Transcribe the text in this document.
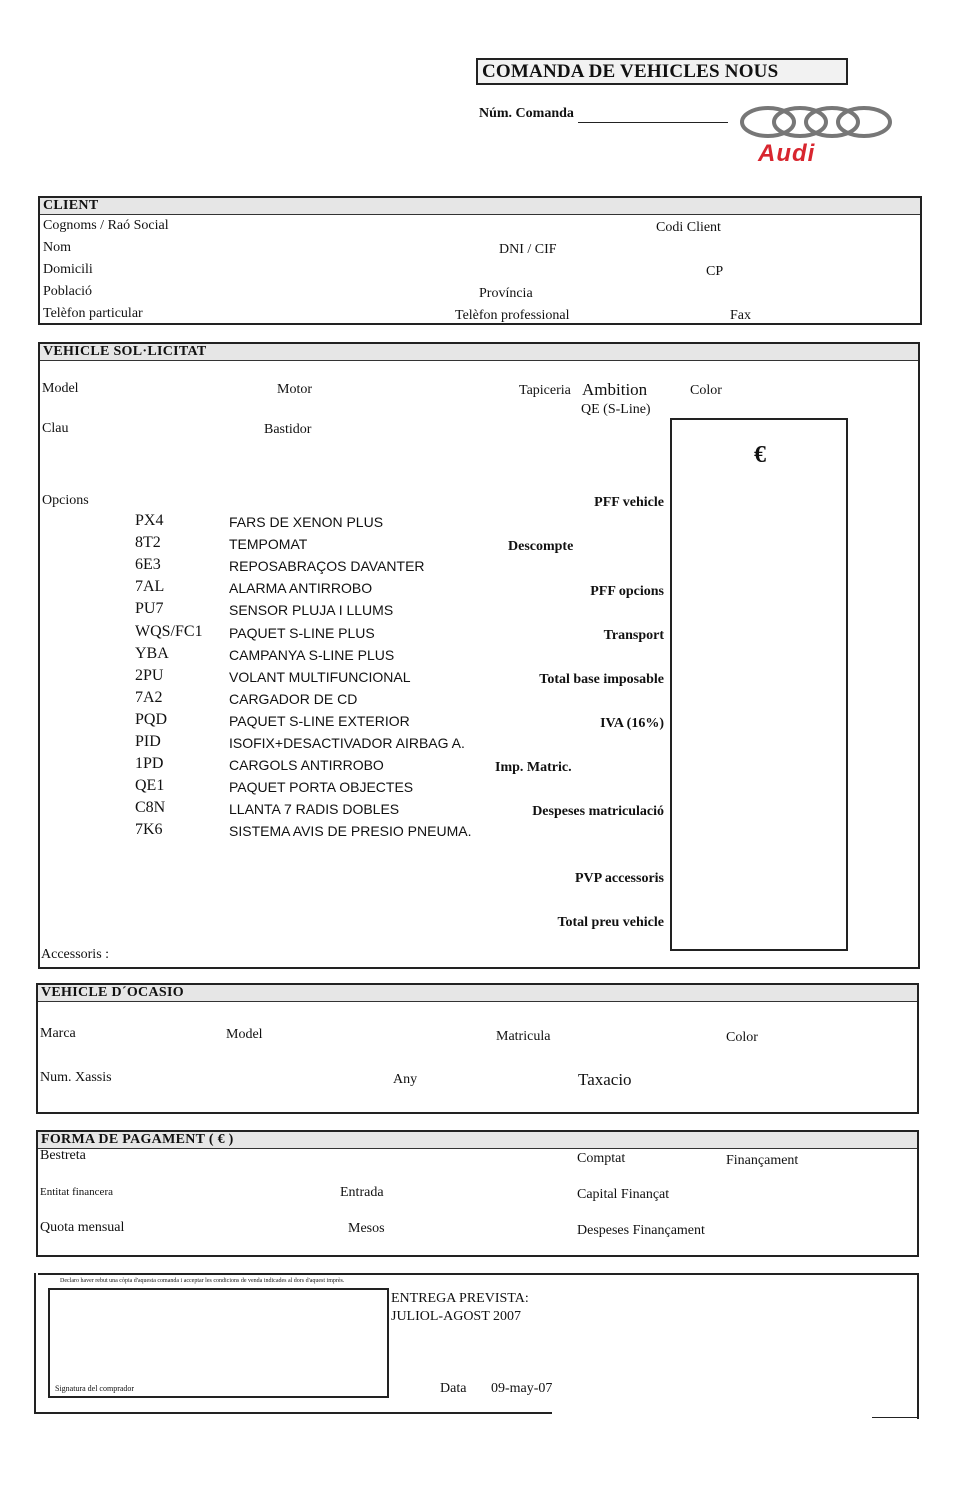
COMANDA DE VEHICLES NOUS
Núm. Comanda
Audi
CLIENT
Cognoms / Raó Social	Codi Client
Nom	DNI / CIF
Domicili	CP
Població	Província
Telèfon particular	Telèfon professional	Fax
VEHICLE SOL·LICITAT
Model	Motor	Tapiceria Ambition
QE (S-Line)
Color
Clau	Bastidor
Opcions
PX4	FARS DE XENON PLUS
8T2	TEMPOMAT
6E3	REPOSABRAÇOS DAVANTER
7AL	ALARMA ANTIRROBO
PU7	SENSOR PLUJA I LLUMS
WQS/FC1 PAQUET S-LINE PLUS
YBA	CAMPANYA S-LINE PLUS
2PU	VOLANT MULTIFUNCIONAL
7A2	CARGADOR DE CD
PQD	PAQUET S-LINE EXTERIOR
PID	ISOFIX+DESACTIVADOR AIRBAG A.
1PD	CARGOLS ANTIRROBO
QE1	PAQUET PORTA OBJECTES
C8N	LLANTA 7 RADIS DOBLES
7K6	SISTEMA AVIS DE PRESIO PNEUMA.
PFF vehicle
Descompte
PFF opcions
Transport
Total base imposable
IVA (16%)
Imp. Matric.
Despeses matriculació
PVP accessoris
Total preu vehicle
€
Accessoris :
VEHICLE D´OCASIO
Marca	Model	Matricula	Color
Num. Xassis	Any	Taxacio
FORMA DE PAGAMENT ( € )
Bestreta	Comptat	Finançament
Entitat financera	Entrada	Capital Finançat
Quota mensual	Mesos	Despeses Finançament
Declaro haver rebut una còpia d'aquesta comanda i acceptar les condicions de venda indicades al dors d'aquest imprès.
Signatura del comprador
ENTREGA PREVISTA:
JULIOL-AGOST 2007
Data 09-may-07
